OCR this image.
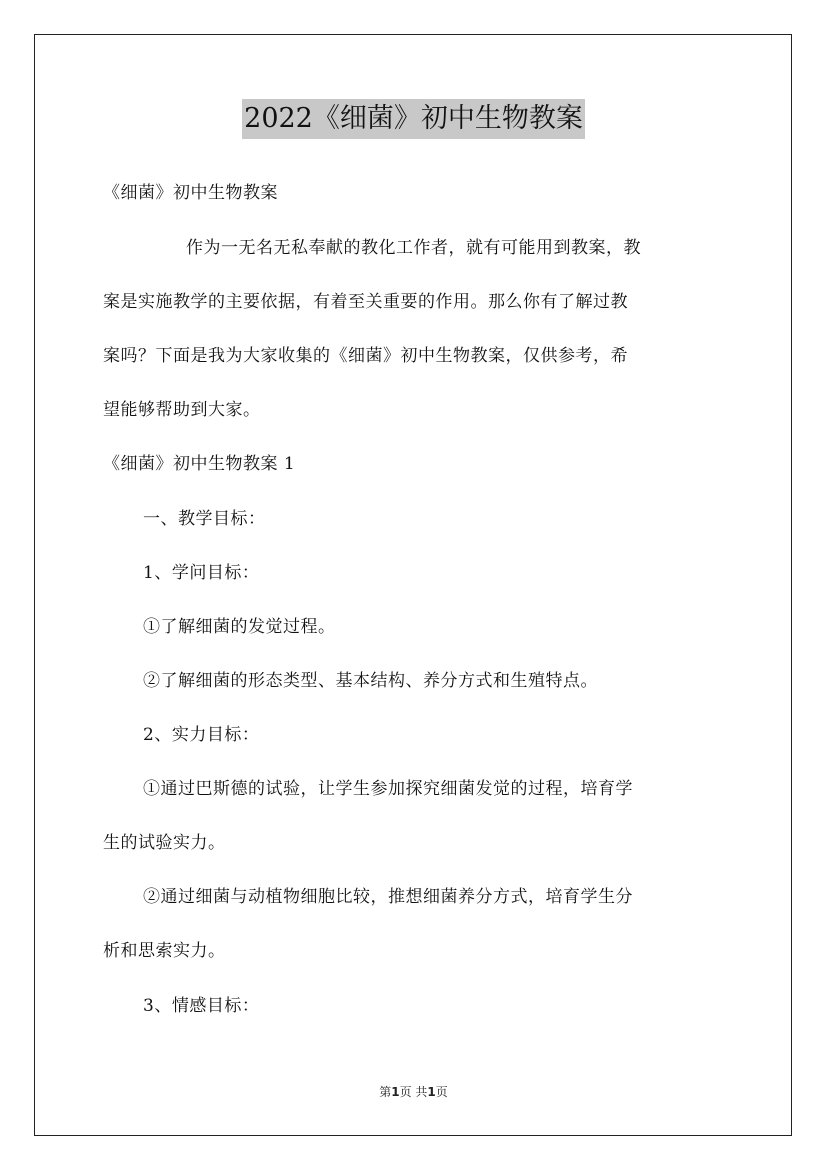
2022《细菌》初中生物教案
《细菌》初中生物教案
作为一无名无私奉献的教化工作者，就有可能用到教案，教
案是实施教学的主要依据，有着至关重要的作用。那么你有了解过教
案吗？下面是我为大家收集的《细菌》初中生物教案，仅供参考，希
望能够帮助到大家。
《细菌》初中生物教案 1
一、教学目标：
1、学问目标：
①了解细菌的发觉过程。
②了解细菌的形态类型、基本结构、养分方式和生殖特点。
2、实力目标：
①通过巴斯德的试验，让学生参加探究细菌发觉的过程，培育学
生的试验实力。
②通过细菌与动植物细胞比较，推想细菌养分方式，培育学生分
析和思索实力。
3、情感目标：
第1页 共1页
